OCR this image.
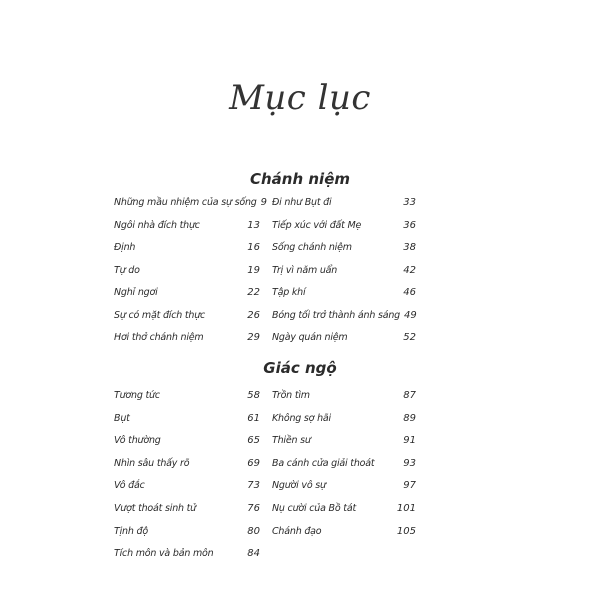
Mục lục
Chánh niệm
Những mầu nhiệm của sự sống 9
Ngôi nhà đích thực	13
Định	16
Tự do	19
Nghỉ ngơi	22
Sự có mặt đích thực	26
Hơi thở chánh niệm	29
Đi như Bụt đi	33
Tiếp xúc với đất Mẹ	36
Sống chánh niệm	38
Trị vì năm uẩn	42
Tập khí	46
Bóng tối trở thành ánh sáng 49
Ngày quán niệm	52
Giác ngộ
Tương tức	58
Bụt	61
Vô thường	65
Nhìn sâu thấy rõ	69
Vô đắc	73
Vượt thoát sinh tử	76
Tịnh độ	80
Tích môn và bản môn	84
Trồn tìm	87
Không sợ hãi	89
Thiền sư	91
Ba cánh cửa giải thoát	93
Người vô sự	97
Nụ cười của Bồ tát	101
Chánh đạo	105
